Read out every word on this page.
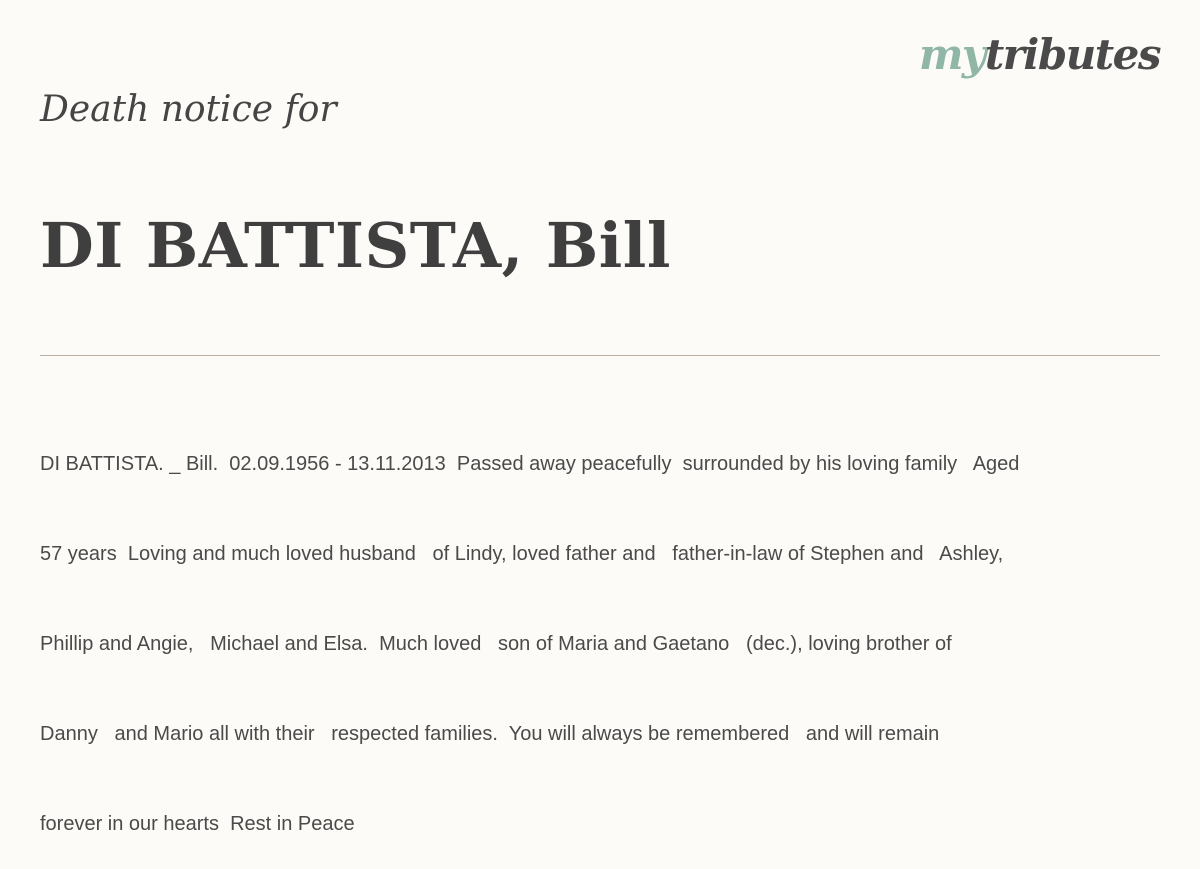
mytributes
Death notice for
DI BATTISTA, Bill

DI BATTISTA. _ Bill.  02.09.1956 - 13.11.2013  Passed away peacefully  surrounded by his loving family   Aged

57 years  Loving and much loved husband   of Lindy, loved father and   father-in-law of Stephen and   Ashley,

Phillip and Angie,   Michael and Elsa.  Much loved   son of Maria and Gaetano   (dec.), loving brother of

Danny   and Mario all with their   respected families.  You will always be remembered   and will remain

forever in our hearts  Rest in Peace
